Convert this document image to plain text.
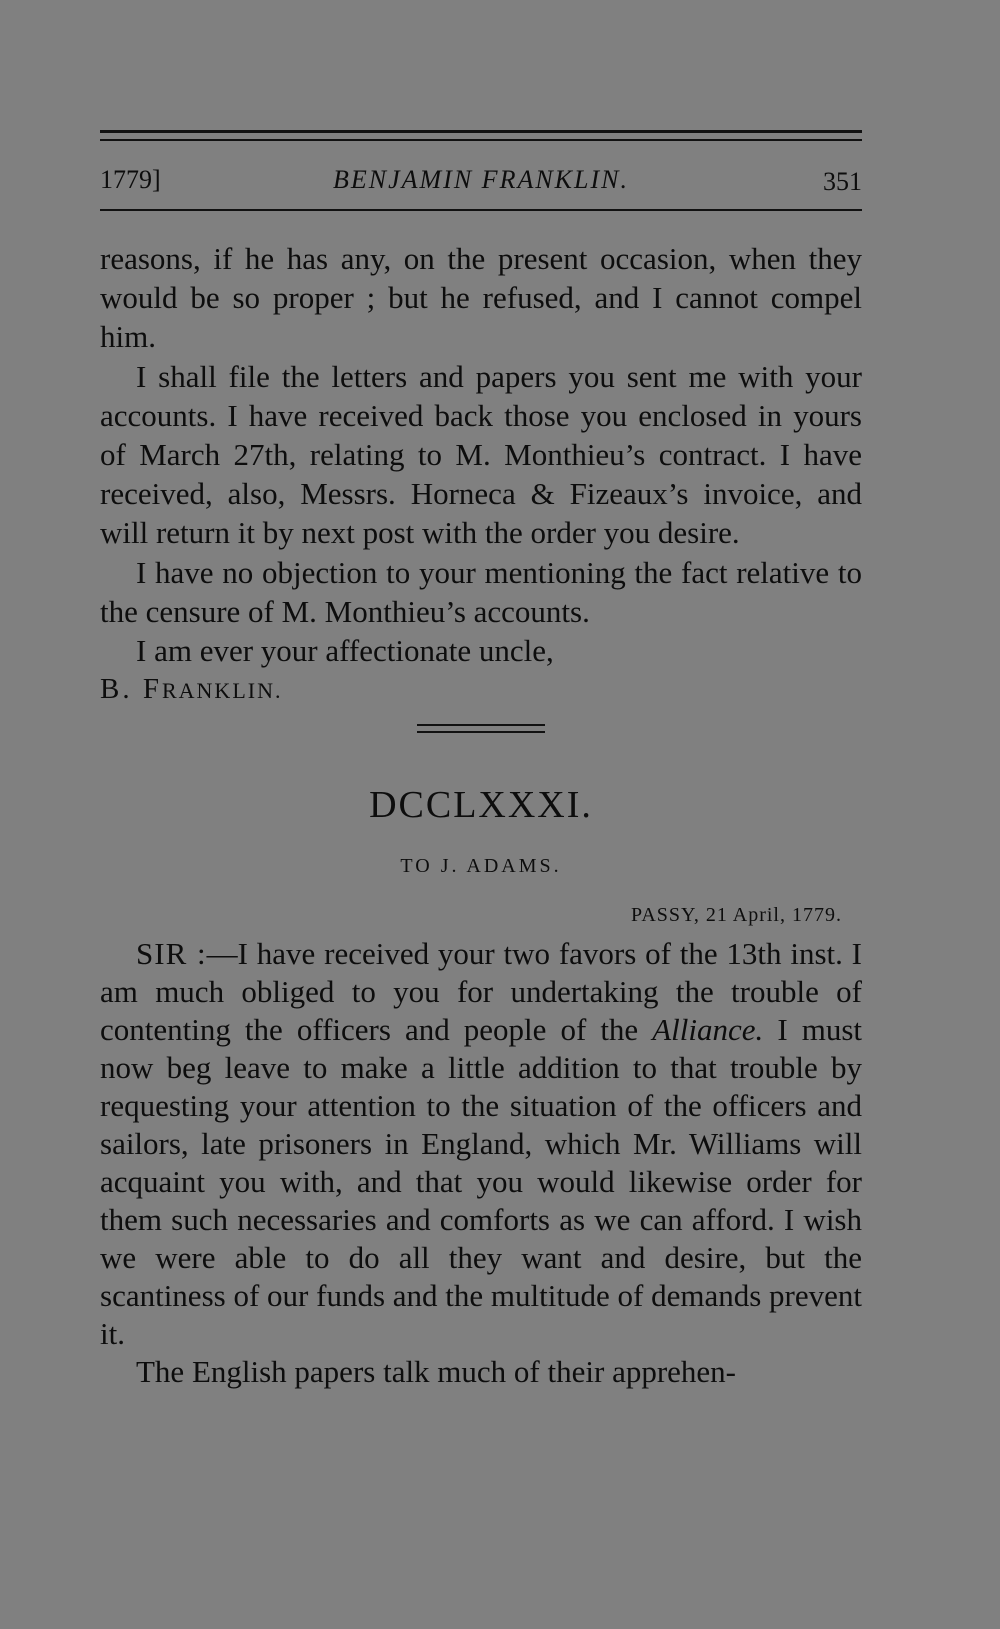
1779]	BENJAMIN FRANKLIN.	351

reasons, if he has any, on the present occasion, when they would be so proper ; but he refused, and I cannot compel him.

I shall file the letters and papers you sent me with your accounts. I have received back those you enclosed in yours of March 27th, relating to M. Monthieu’s contract. I have received, also, Messrs. Horneca & Fizeaux’s invoice, and will return it by next post with the order you desire.

I have no objection to your mentioning the fact relative to the censure of M. Monthieu’s accounts.

I am ever your affectionate uncle,

B. FRANKLIN.

DCCLXXXI.
TO J. ADAMS.
PASSY, 21 April, 1779.

SIR :—I have received your two favors of the 13th inst. I am much obliged to you for undertaking the trouble of contenting the officers and people of the Alliance. I must now beg leave to make a little addition to that trouble by requesting your attention to the situation of the officers and sailors, late prisoners in England, which Mr. Williams will acquaint you with, and that you would likewise order for them such necessaries and comforts as we can afford. I wish we were able to do all they want and desire, but the scantiness of our funds and the multitude of demands prevent it.

The English papers talk much of their apprehen-
